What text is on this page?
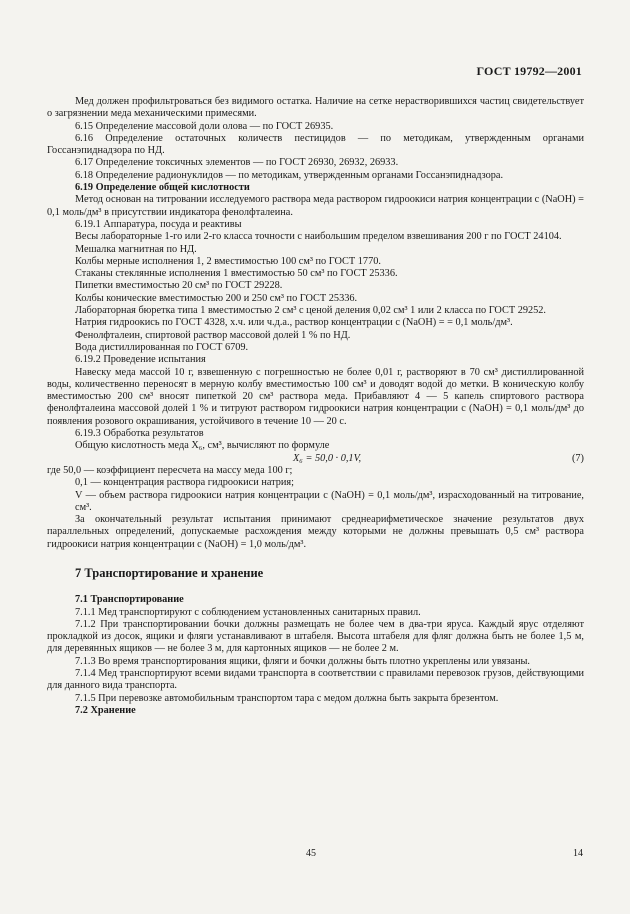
ГОСТ 19792—2001

Мед должен профильтроваться без видимого остатка. Наличие на сетке нерастворившихся частиц свидетельствует о загрязнении меда механическими примесями.

6.15 Определение массовой доли олова — по ГОСТ 26935.

6.16 Определение остаточных количеств пестицидов — по методикам, утвержденным органами Госсанэпиднадзора по НД.

6.17 Определение токсичных элементов — по ГОСТ 26930, 26932, 26933.

6.18 Определение радионуклидов — по методикам, утвержденным органами Госсанэпиднадзора.

6.19 Определение общей кислотности

Метод основан на титровании исследуемого раствора меда раствором гидроокиси натрия концентрации c (NaOH) = 0,1 моль/дм³ в присутствии индикатора фенолфталеина.

6.19.1 Аппаратура, посуда и реактивы

Весы лабораторные 1-го или 2-го класса точности с наибольшим пределом взвешивания 200 г по ГОСТ 24104.

Мешалка магнитная по НД.

Колбы мерные исполнения 1, 2 вместимостью 100 см³ по ГОСТ 1770.

Стаканы стеклянные исполнения 1 вместимостью 50 см³ по ГОСТ 25336.

Пипетки вместимостью 20 см³ по ГОСТ 29228.

Колбы конические вместимостью 200 и 250 см³ по ГОСТ 25336.

Лабораторная бюретка типа 1 вместимостью 2 см³ с ценой деления 0,02 см³ 1 или 2 класса по ГОСТ 29252.

Натрия гидроокись по ГОСТ 4328, х.ч. или ч.д.а., раствор концентрации c (NaOH) = = 0,1 моль/дм³.

Фенолфталеин, спиртовой раствор массовой долей 1 % по НД.

Вода дистиллированная по ГОСТ 6709.

6.19.2 Проведение испытания

Навеску меда массой 10 г, взвешенную с погрешностью не более 0,01 г, растворяют в 70 см³ дистиллированной воды, количественно переносят в мерную колбу вместимостью 100 см³ и доводят водой до метки. В коническую колбу вместимостью 200 см³ вносят пипеткой 20 см³ раствора меда. Прибавляют 4 — 5 капель спиртового раствора фенолфталеина массовой долей 1 % и титруют раствором гидроокиси натрия концентрации c (NaOH) = 0,1 моль/дм³ до появления розового окрашивания, устойчивого в течение 10 — 20 с.

6.19.3 Обработка результатов

Общую кислотность меда X₆, см³, вычисляют по формуле

X₆ = 50,0 · 0,1V,	(7)

где 50,0 — коэффициент пересчета на массу меда 100 г;

0,1 — концентрация раствора гидроокиси натрия;

V — объем раствора гидроокиси натрия концентрации c (NaOH) = 0,1 моль/дм³, израсходованный на титрование, см³.

За окончательный результат испытания принимают среднеарифметическое значение результатов двух параллельных определений, допускаемые расхождения между которыми не должны превышать 0,5 см³ раствора гидроокиси натрия концентрации c (NaOH) = 1,0 моль/дм³.

7 Транспортирование и хранение

7.1 Транспортирование

7.1.1 Мед транспортируют с соблюдением установленных санитарных правил.

7.1.2 При транспортировании бочки должны размещать не более чем в два-три яруса. Каждый ярус отделяют прокладкой из досок, ящики и фляги устанавливают в штабеля. Высота штабеля для фляг должна быть не более 1,5 м, для деревянных ящиков — не более 3 м, для картонных ящиков — не более 2 м.

7.1.3 Во время транспортирования ящики, фляги и бочки должны быть плотно укреплены или увязаны.

7.1.4 Мед транспортируют всеми видами транспорта в соответствии с правилами перевозок грузов, действующими для данного вида транспорта.

7.1.5 При перевозке автомобильным транспортом тара с медом должна быть закрыта брезентом.

7.2 Хранение

45	14
